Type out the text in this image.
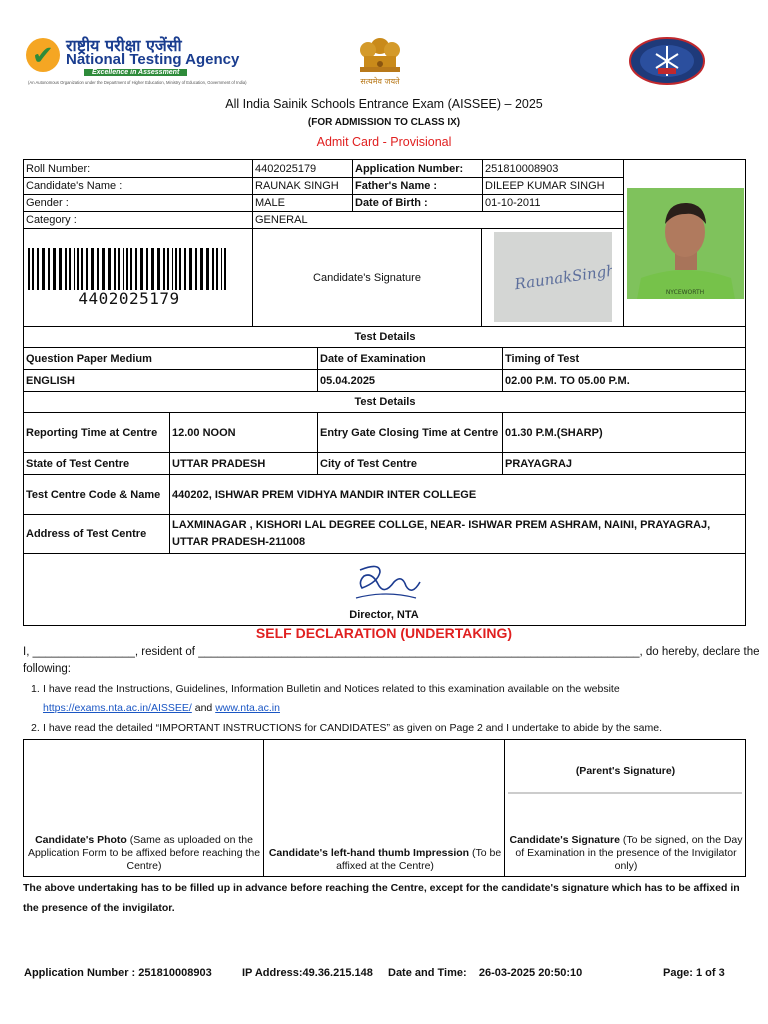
✔ राष्ट्रीय परीक्षा एजेंसी
National Testing Agency
Excellence in Assessment
(An Autonomous Organization under the Department of Higher Education, Ministry of Education, Government of India)	सत्यमेव जयते
All India Sainik Schools Entrance Exam (AISSEE) – 2025
(FOR ADMISSION TO CLASS IX)
Admit Card - Provisional
Roll Number:	4402025179	Application Number:	251810008903
Candidate's Name :	RAUNAK SINGH	Father's Name :	DILEEP KUMAR SINGH
Gender :	MALE	Date of Birth :	01-10-2011
Category :	GENERAL
4402025179
Candidate's Signature	RaunakSingh	NYCEWORTH
Test Details
Question Paper Medium	Date of Examination	Timing of Test
ENGLISH	05.04.2025	02.00 P.M. TO 05.00 P.M.
Test Details
Reporting Time at Centre	12.00 NOON	Entry Gate Closing Time at Centre 01.30 P.M.(SHARP)
State of Test Centre	UTTAR PRADESH	City of Test Centre	PRAYAGRAJ
Test Centre Code & Name	440202, ISHWAR PREM VIDHYA MANDIR INTER COLLEGE
Address of Test Centre
LAXMINAGAR , KISHORI LAL DEGREE COLLGE, NEAR- ISHWAR PREM ASHRAM, NAINI, PRAYAGRAJ, UTTAR PRADESH-211008
Director, NTA
SELF DECLARATION (UNDERTAKING)
I, ________________, resident of _____________________________________________________________________, do hereby, declare the
following:
1. I have read the Instructions, Guidelines, Information Bulletin and Notices related to this examination available on the website
https://exams.nta.ac.in/AISSEE/ and www.nta.ac.in
2. I have read the detailed “IMPORTANT INSTRUCTIONS for CANDIDATES” as given on Page 2 and I undertake to abide by the same.
(Parent's Signature)
Candidate's Photo (Same as uploaded on the Application Form to be affixed before reaching the Centre)
Candidate's left-hand thumb Impression (To be affixed at the Centre)
Candidate's Signature (To be signed, on the Day of Examination in the presence of the Invigilator only)
The above undertaking has to be filled up in advance before reaching the Centre, except for the candidate's signature which has to be affixed in the presence of the invigilator.
Application Number : 251810008903	IP Address:49.36.215.148 Date and Time:    26-03-2025 20:50:10	Page: 1 of 3
